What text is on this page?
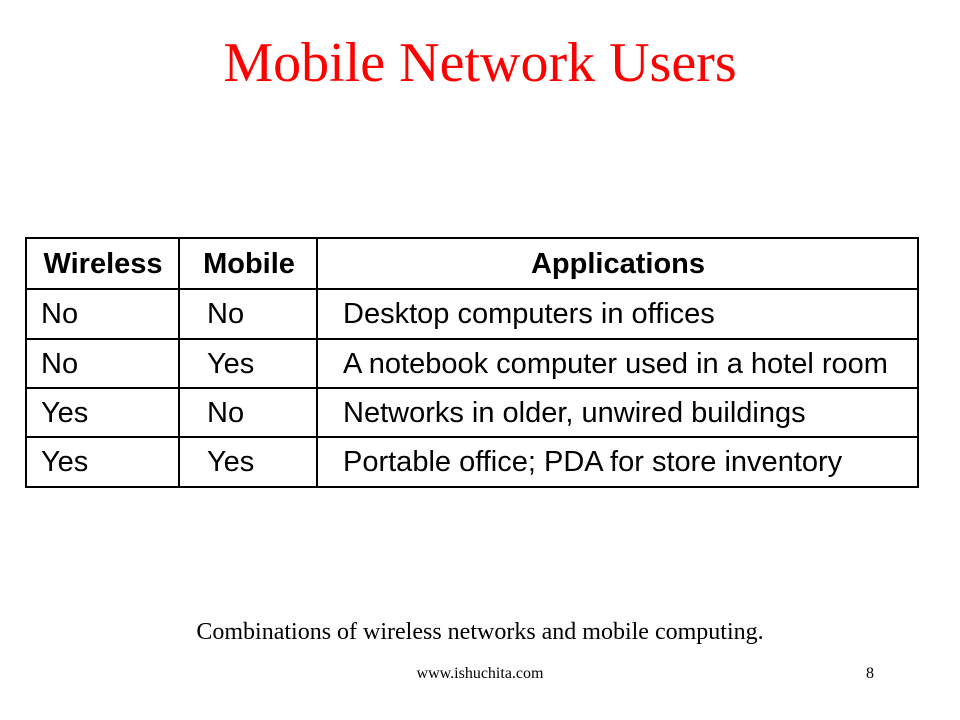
Mobile Network Users
Wireless	Mobile	Applications
No	No	Desktop computers in offices
No	Yes	A notebook computer used in a hotel room
Yes	No	Networks in older, unwired buildings
Yes	Yes	Portable office; PDA for store inventory
Combinations of wireless networks and mobile computing.
www.ishuchita.com	8
